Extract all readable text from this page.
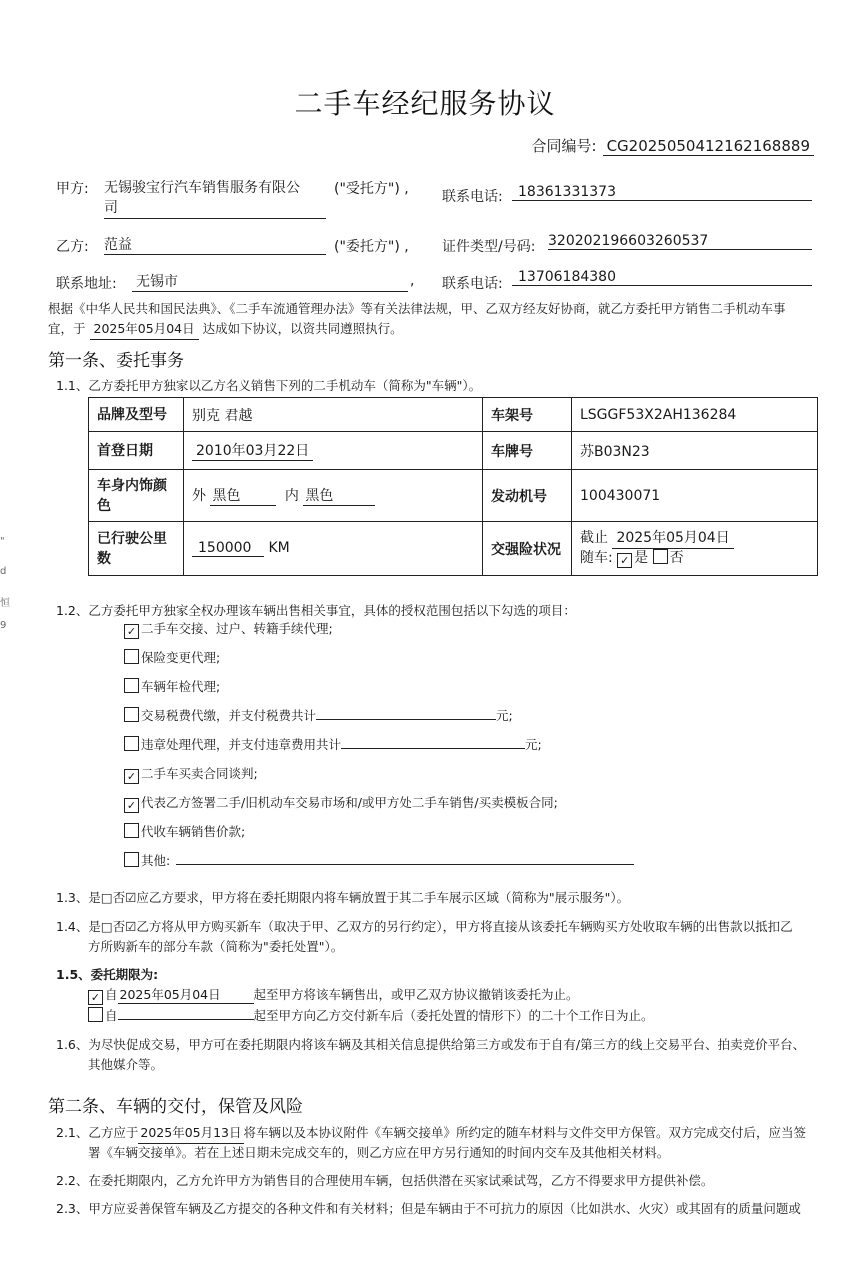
二手车经纪服务协议
合同编号: CG2025050412162168889
甲方: 无锡骏宝行汽车销售服务有限公
司
("受托方") , 联系电话:	18361331373
乙方: 范益	("委托方") , 证件类型/号码: 320202196603260537
联系地址: 无锡市	, 联系电话:	13706184380
根据《中华人民共和国民法典》、《二手车流通管理办法》等有关法律法规，甲、乙双方经友好协商，就乙方委托甲方销售二手机动车事
宜，于 2025年05月04日 达成如下协议，以资共同遵照执行。
第一条、委托事务
1.1、乙方委托甲方独家以乙方名义销售下列的二手机动车（简称为"车辆"）。
品牌及型号	别克 君越	车架号	LSGGF53X2AH136284
首登日期	2010年03月22日	车牌号	苏B03N23
车身内饰颜色	外 黑色 内 黑色	发动机号	100430071
已行驶公里数	150000 KM	交强险状况	截止 2025年05月04日
随车: ✓ 是 否
1.2、乙方委托甲方独家全权办理该车辆出售相关事宜，具体的授权范围包括以下勾选的项目：
✓ 二手车交接、过户、转籍手续代理;
保险变更代理;
车辆年检代理;
交易税费代缴，并支付税费共计	元;
违章处理代理，并支付违章费用共计	元;
✓ 二手车买卖合同谈判;
✓ 代表乙方签署二手/旧机动车交易市场和/或甲方处二手车销售/买卖模板合同;
代收车辆销售价款;
其他:
1.3、是□否☑应乙方要求，甲方将在委托期限内将车辆放置于其二手车展示区域（简称为"展示服务"）。
1.4、是□否☑乙方将从甲方购买新车（取决于甲、乙双方的另行约定），甲方将直接从该委托车辆购买方处收取车辆的出售款以抵扣乙
方所购新车的部分车款（简称为"委托处置"）。
1.5、委托期限为:
✓ 自 2025年05月04日	起至甲方将该车辆售出，或甲乙双方协议撤销该委托为止。
自	起至甲方向乙方交付新车后（委托处置的情形下）的二十个工作日为止。
1.6、为尽快促成交易，甲方可在委托期限内将该车辆及其相关信息提供给第三方或发布于自有/第三方的线上交易平台、拍卖竞价平台、
其他媒介等。
第二条、车辆的交付，保管及风险
2.1、乙方应于 2025年05月13日 将车辆以及本协议附件《车辆交接单》所约定的随车材料与文件交甲方保管。双方完成交付后，应当签
署《车辆交接单》。若在上述日期未完成交车的，则乙方应在甲方另行通知的时间内交车及其他相关材料。
2.2、在委托期限内，乙方允许甲方为销售目的合理使用车辆，包括供潜在买家试乘试驾，乙方不得要求甲方提供补偿。
2.3、甲方应妥善保管车辆及乙方提交的各种文件和有关材料；但是车辆由于不可抗力的原因（比如洪水、火灾）或其固有的质量问题或
"
d
恒
9
